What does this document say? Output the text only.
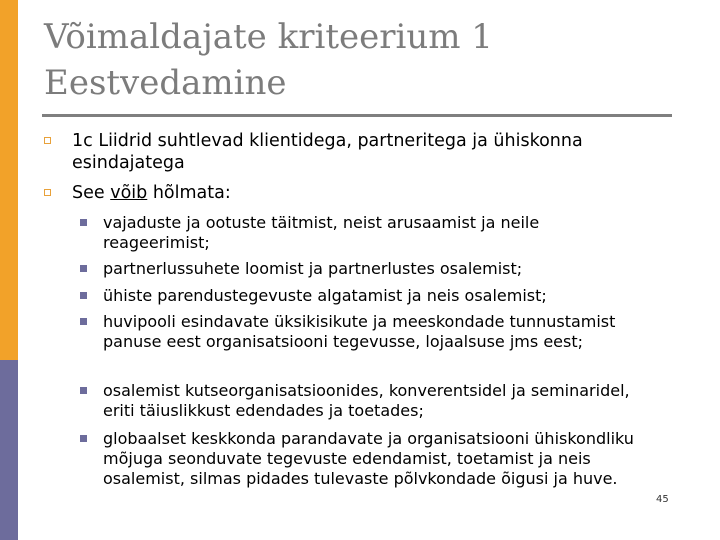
Võimaldajate kriteerium 1
Eestvedamine
1c Liidrid suhtlevad klientidega, partneritega ja ühiskonna esindajatega
See võib hõlmata:
vajaduste ja ootuste täitmist, neist arusaamist ja neile reageerimist;
partnerlussuhete loomist ja partnerlustes osalemist;
ühiste parendustegevuste algatamist ja neis osalemist;
huvipooli esindavate üksikisikute ja meeskondade tunnustamist panuse eest organisatsiooni tegevusse, lojaalsuse jms eest;
osalemist kutseorganisatsioonides, konverentsidel ja seminaridel, eriti täiuslikkust edendades ja toetades;
globaalset keskkonda parandavate ja organisatsiooni ühiskondliku mõjuga seonduvate tegevuste edendamist, toetamist ja neis osalemist, silmas pidades tulevaste põlvkondade õigusi ja huve.
45
